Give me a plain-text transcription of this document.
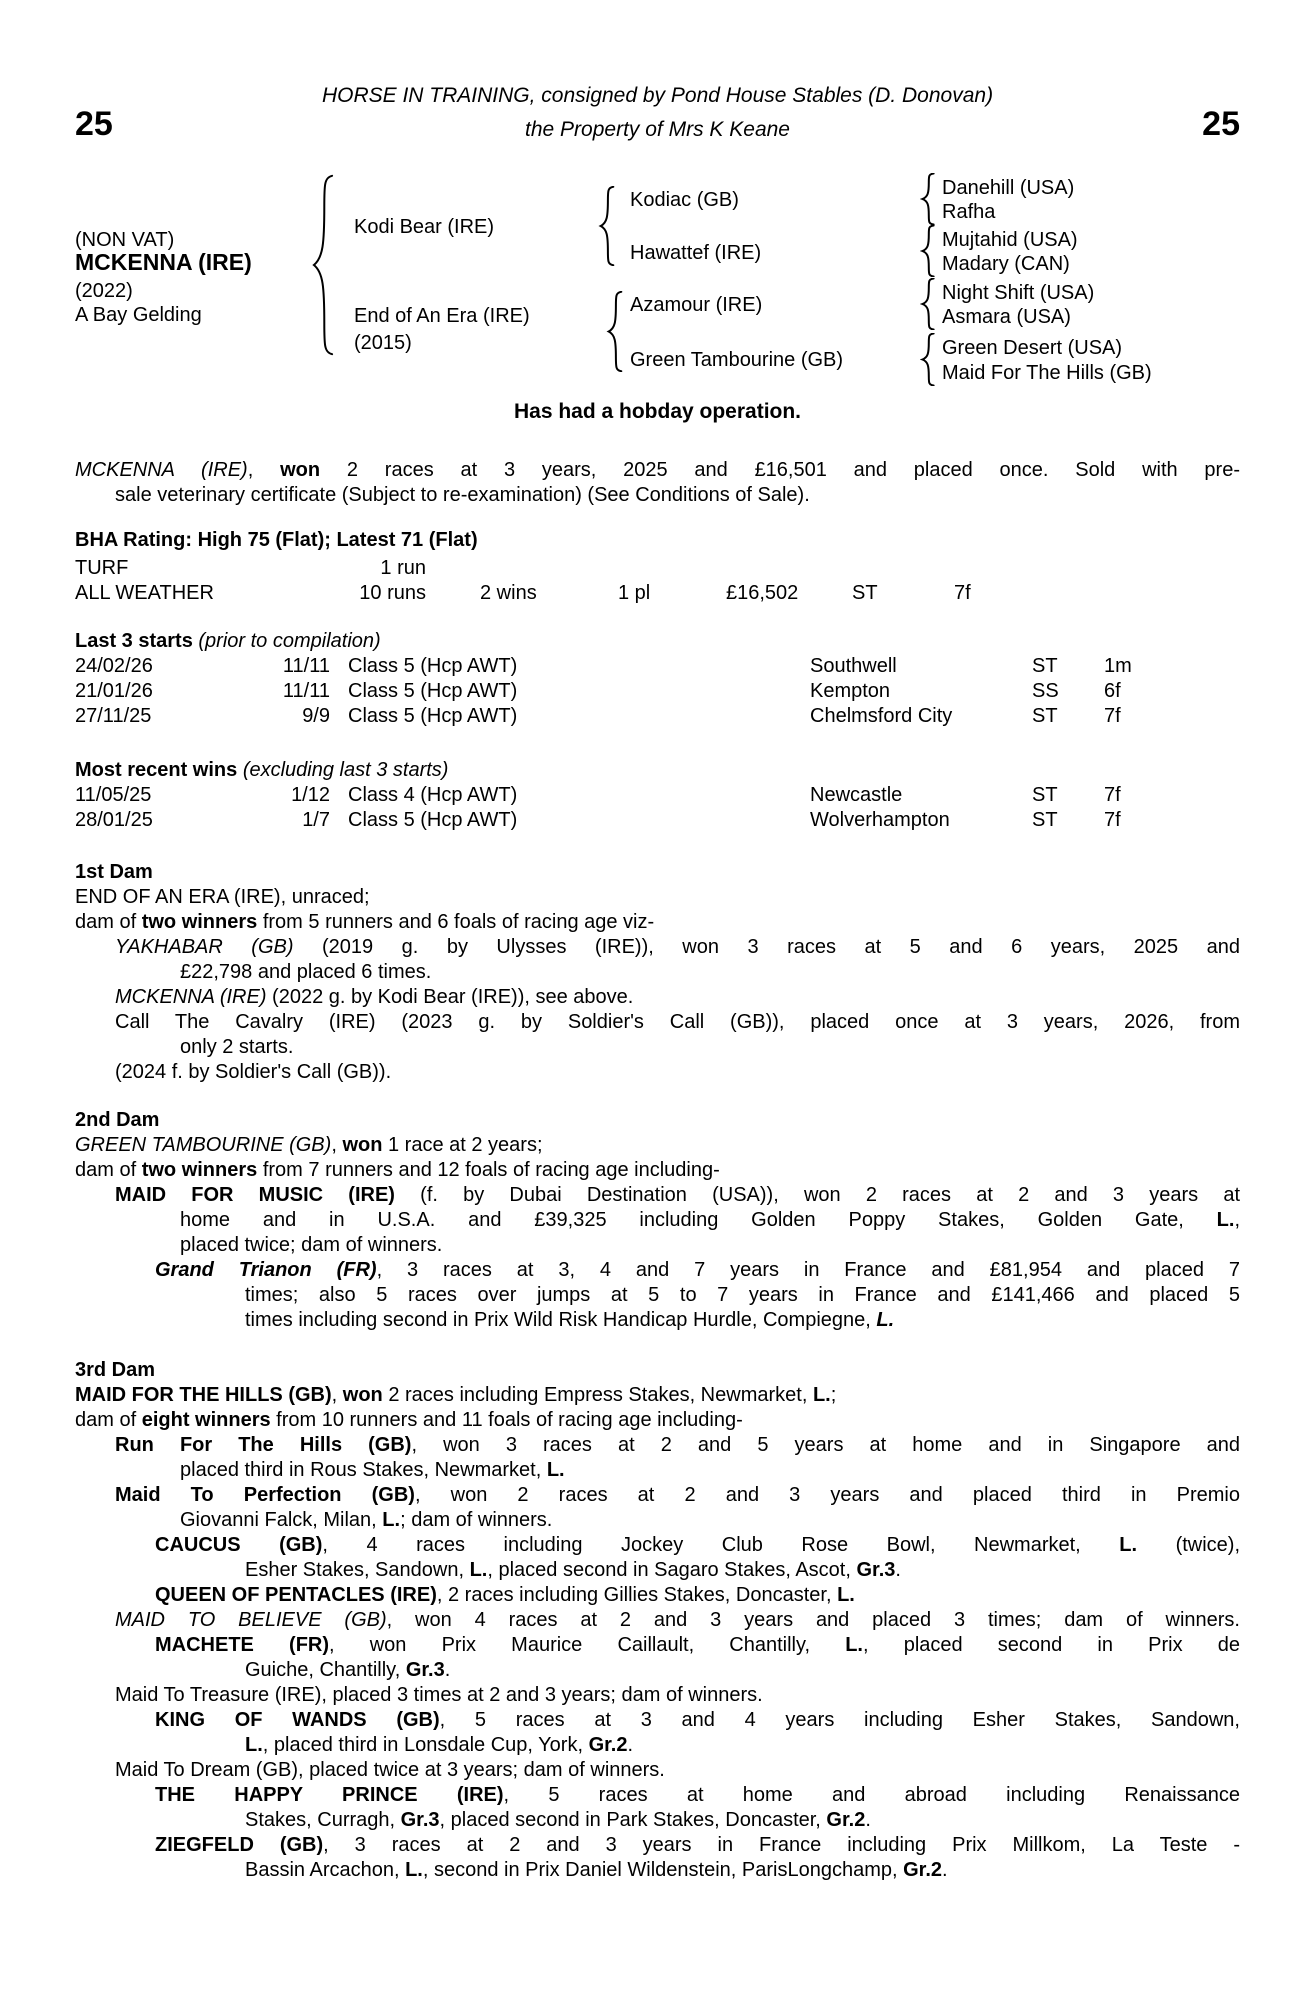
HORSE IN TRAINING, consigned by Pond House Stables (D. Donovan)
25	the Property of Mrs K Keane	25
(NON VAT)
MCKENNA (IRE)
(2022)
A Bay Gelding
Kodi Bear (IRE)
End of An Era (IRE)
(2015)
Kodiac (GB)
Hawattef (IRE)
Azamour (IRE)
Green Tambourine (GB)
Danehill (USA)
Rafha
Mujtahid (USA)
Madary (CAN)
Night Shift (USA)
Asmara (USA)
Green Desert (USA)
Maid For The Hills (GB)
Has had a hobday operation.
MCKENNA (IRE), won 2 races at 3 years, 2025 and £16,501 and placed once. Sold with pre-
sale veterinary certificate (Subject to re-examination) (See Conditions of Sale).
BHA Rating: High 75 (Flat); Latest 71 (Flat)
TURF	1 run
ALL WEATHER	10 runs	2 wins	1 pl	£16,502	ST	7f
Last 3 starts (prior to compilation)
24/02/26	11/11 Class 5 (Hcp AWT)	Southwell	ST 1m
21/01/26	11/11 Class 5 (Hcp AWT)	Kempton	SS 6f
27/11/25	9/9 Class 5 (Hcp AWT)	Chelmsford City	ST 7f
Most recent wins (excluding last 3 starts)
11/05/25	1/12 Class 4 (Hcp AWT)	Newcastle	ST 7f
28/01/25	1/7 Class 5 (Hcp AWT)	Wolverhampton	ST 7f
1st Dam
END OF AN ERA (IRE), unraced;
dam of two winners from 5 runners and 6 foals of racing age viz-
YAKHABAR (GB) (2019 g. by Ulysses (IRE)), won 3 races at 5 and 6 years, 2025 and
£22,798 and placed 6 times.
MCKENNA (IRE) (2022 g. by Kodi Bear (IRE)), see above.
Call The Cavalry (IRE) (2023 g. by Soldier's Call (GB)), placed once at 3 years, 2026, from
only 2 starts.
(2024 f. by Soldier's Call (GB)).
2nd Dam
GREEN TAMBOURINE (GB), won 1 race at 2 years;
dam of two winners from 7 runners and 12 foals of racing age including-
MAID FOR MUSIC (IRE) (f. by Dubai Destination (USA)), won 2 races at 2 and 3 years at
home and in U.S.A. and £39,325 including Golden Poppy Stakes, Golden Gate, L.,
placed twice; dam of winners.
Grand Trianon (FR), 3 races at 3, 4 and 7 years in France and £81,954 and placed 7
times; also 5 races over jumps at 5 to 7 years in France and £141,466 and placed 5
times including second in Prix Wild Risk Handicap Hurdle, Compiegne, L.
3rd Dam
MAID FOR THE HILLS (GB), won 2 races including Empress Stakes, Newmarket, L.;
dam of eight winners from 10 runners and 11 foals of racing age including-
Run For The Hills (GB), won 3 races at 2 and 5 years at home and in Singapore and
placed third in Rous Stakes, Newmarket, L.
Maid To Perfection (GB), won 2 races at 2 and 3 years and placed third in Premio
Giovanni Falck, Milan, L.; dam of winners.
CAUCUS (GB), 4 races including Jockey Club Rose Bowl, Newmarket, L. (twice),
Esher Stakes, Sandown, L., placed second in Sagaro Stakes, Ascot, Gr.3.
QUEEN OF PENTACLES (IRE), 2 races including Gillies Stakes, Doncaster, L.
MAID TO BELIEVE (GB), won 4 races at 2 and 3 years and placed 3 times; dam of winners.
MACHETE (FR), won Prix Maurice Caillault, Chantilly, L., placed second in Prix de
Guiche, Chantilly, Gr.3.
Maid To Treasure (IRE), placed 3 times at 2 and 3 years; dam of winners.
KING OF WANDS (GB), 5 races at 3 and 4 years including Esher Stakes, Sandown,
L., placed third in Lonsdale Cup, York, Gr.2.
Maid To Dream (GB), placed twice at 3 years; dam of winners.
THE HAPPY PRINCE (IRE), 5 races at home and abroad including Renaissance
Stakes, Curragh, Gr.3, placed second in Park Stakes, Doncaster, Gr.2.
ZIEGFELD (GB), 3 races at 2 and 3 years in France including Prix Millkom, La Teste -
Bassin Arcachon, L., second in Prix Daniel Wildenstein, ParisLongchamp, Gr.2.
